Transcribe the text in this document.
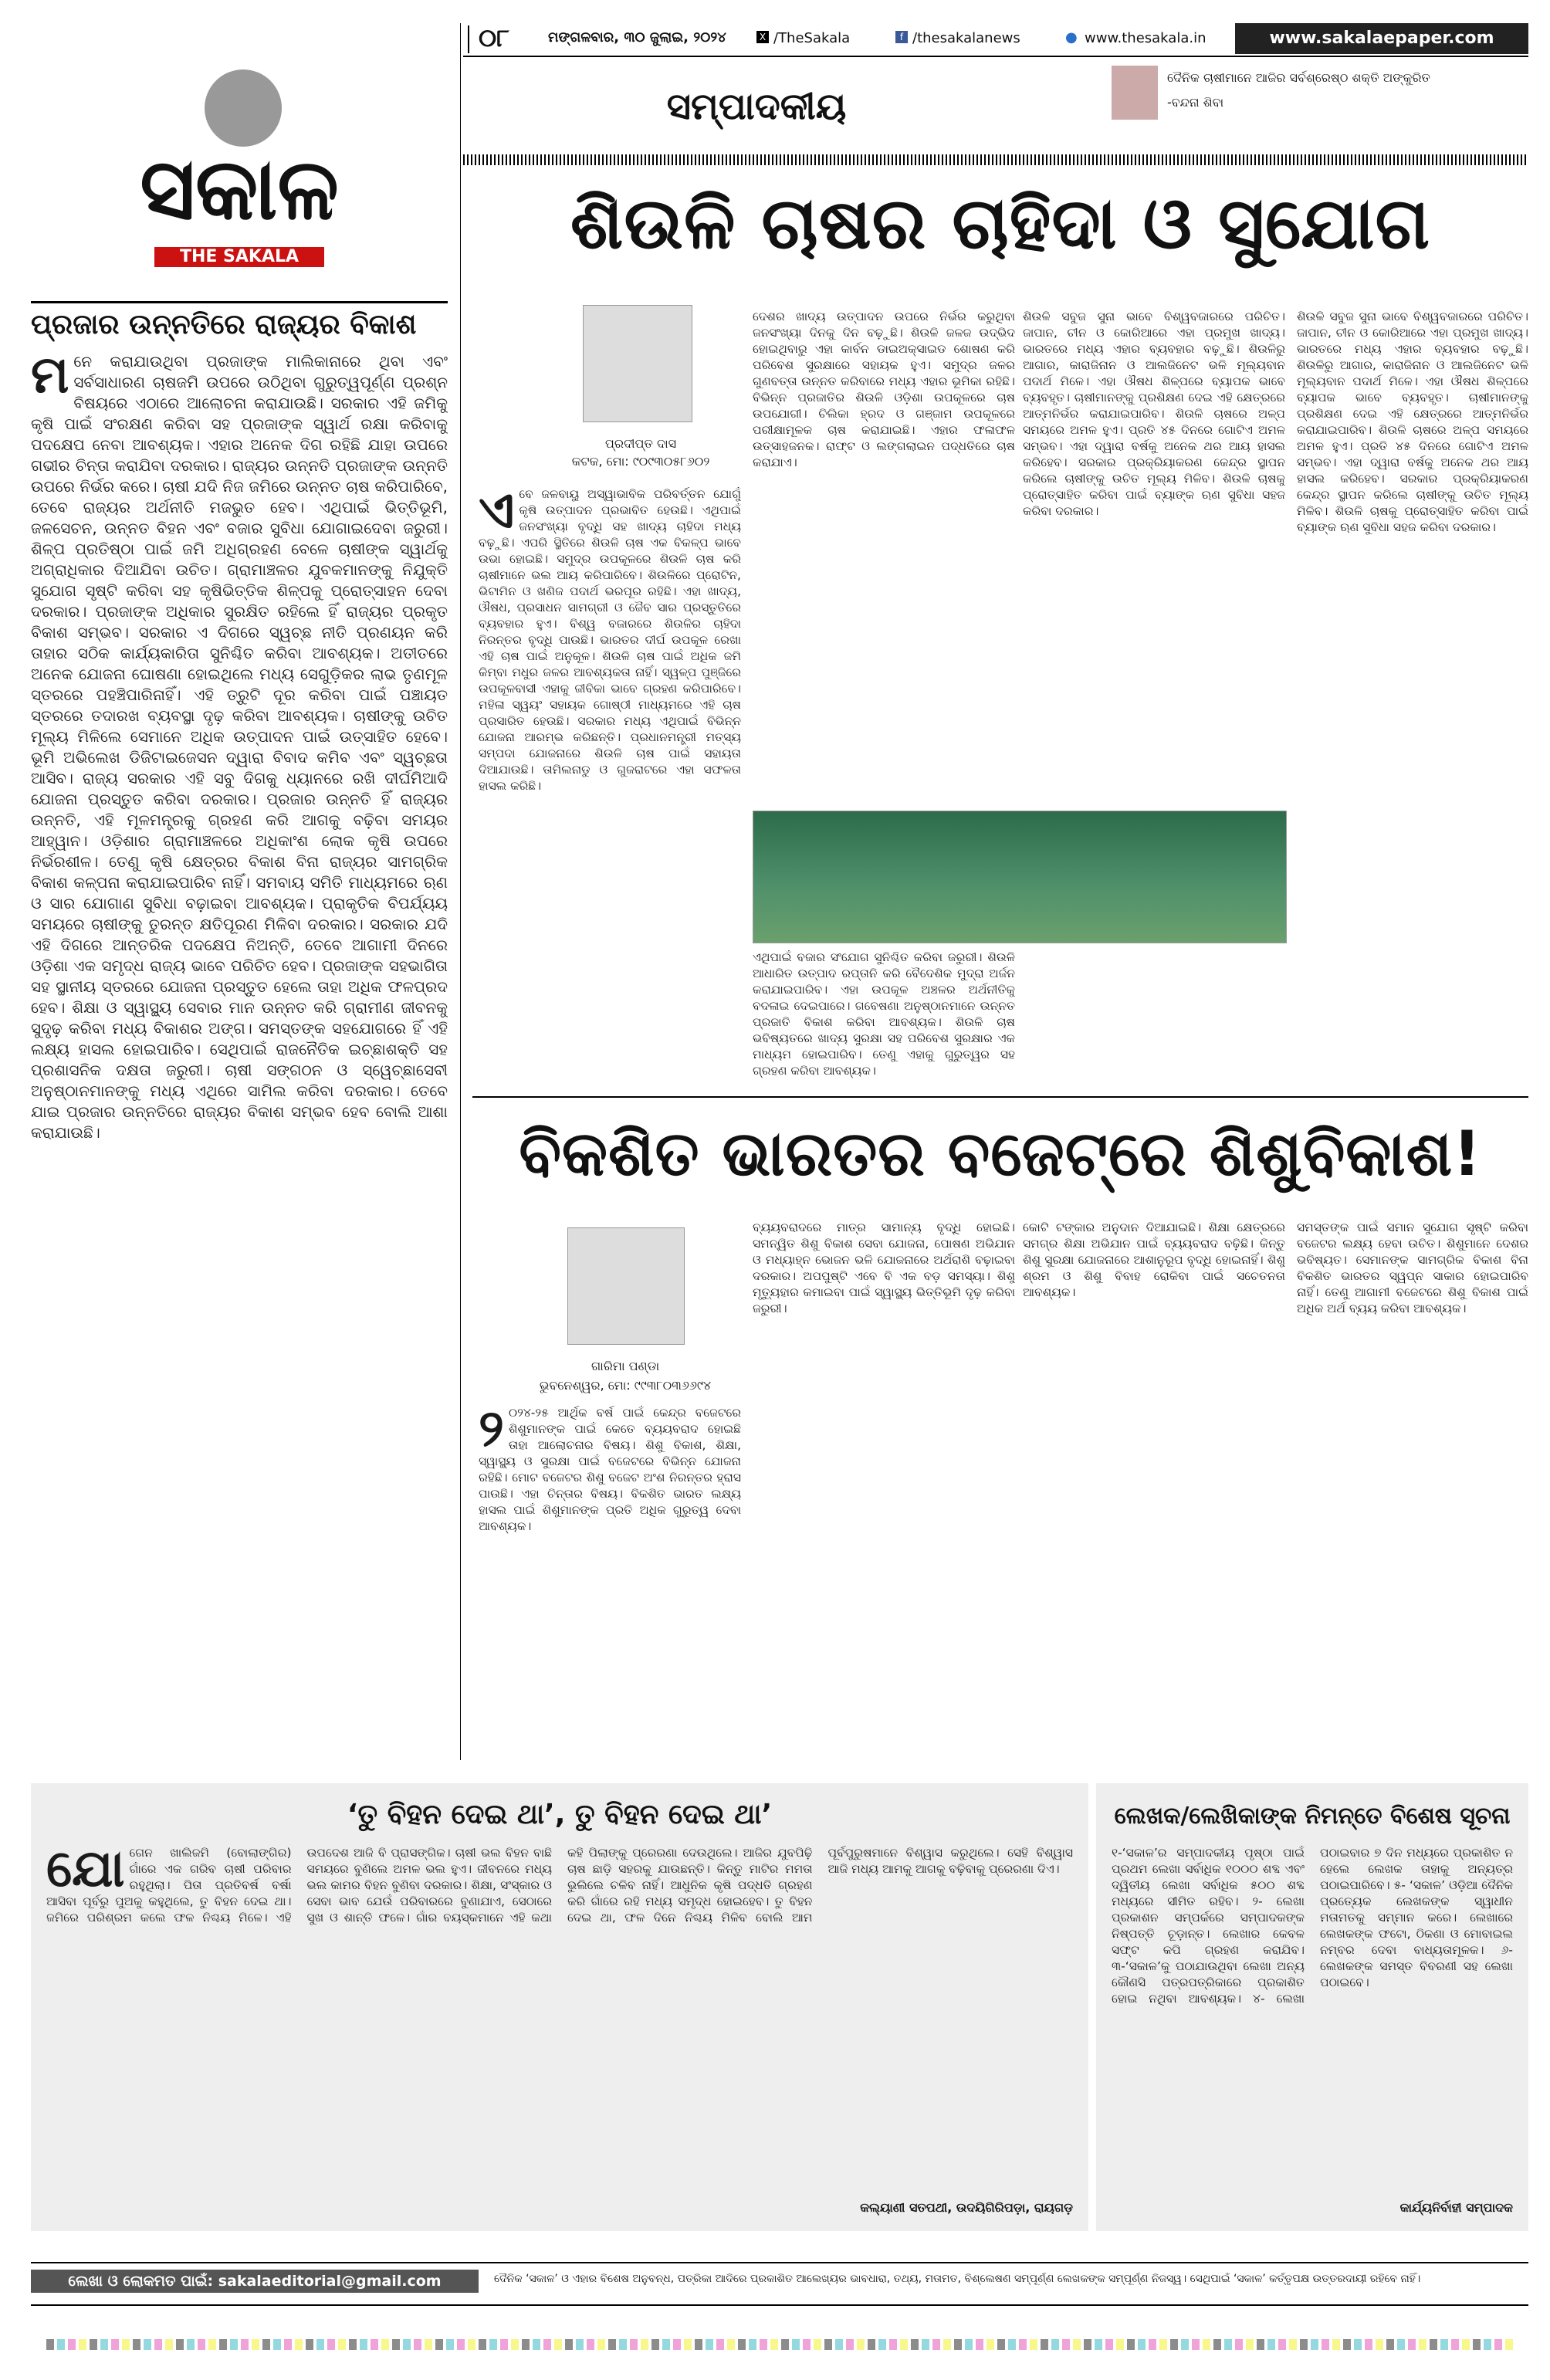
୦୮	ମଙ୍ଗଳବାର, ୩୦ ଜୁଲାଇ, ୨୦୨୪	X /TheSakala	f /thesakalanews	● www.thesakala.in	www.sakalaepaper.com
ସକାଳ
THE SAKALA
ସମ୍ପାଦକୀୟ
ଦୈନିକ ଚାଷୀମାନେ ଆଜିର ସର୍ବଶ୍ରେଷ୍ଠ ଶକ୍ତି ଅଙ୍କୁରିତ
-ବନ୍ଦନା ଶିବା
ପ୍ରଜାର ଉନ୍ନତିରେ ରାଜ୍ୟର ବିକାଶ
ମ ନେ କରାଯାଉଥିବା ପ୍ରଜାଙ୍କ ମାଲିକାନାରେ ଥିବା ଏବଂ ସର୍ବସାଧାରଣ ଚାଷଜମି ଉପରେ ଉଠିଥିବା ଗୁରୁତ୍ୱପୂର୍ଣ୍ଣ ପ୍ରଶ୍ନ ବିଷୟରେ ଏଠାରେ ଆଲୋଚନା କରାଯାଉଛି। ସରକାର ଏହି ଜମିକୁ କୃଷି ପାଇଁ ସଂରକ୍ଷଣ କରିବା ସହ ପ୍ରଜାଙ୍କ ସ୍ୱାର୍ଥ ରକ୍ଷା କରିବାକୁ ପଦକ୍ଷେପ ନେବା ଆବଶ୍ୟକ। ଏହାର ଅନେକ ଦିଗ ରହିଛି ଯାହା ଉପରେ ଗଭୀର ଚିନ୍ତା କରାଯିବା ଦରକାର। ରାଜ୍ୟର ଉନ୍ନତି ପ୍ରଜାଙ୍କ ଉନ୍ନତି ଉପରେ ନିର୍ଭର କରେ। ଚାଷୀ ଯଦି ନିଜ ଜମିରେ ଉନ୍ନତ ଚାଷ କରିପାରିବେ, ତେବେ ରାଜ୍ୟର ଅର୍ଥନୀତି ମଜଭୁତ ହେବ। ଏଥିପାଇଁ ଭିତ୍ତିଭୂମି, ଜଳସେଚନ, ଉନ୍ନତ ବିହନ ଏବଂ ବଜାର ସୁବିଧା ଯୋଗାଇଦେବା ଜରୁରୀ। ଶିଳ୍ପ ପ୍ରତିଷ୍ଠା ପାଇଁ ଜମି ଅଧିଗ୍ରହଣ ବେଳେ ଚାଷୀଙ୍କ ସ୍ୱାର୍ଥକୁ ଅଗ୍ରାଧିକାର ଦିଆଯିବା ଉଚିତ। ଗ୍ରାମାଞ୍ଚଳର ଯୁବକମାନଙ୍କୁ ନିଯୁକ୍ତି ସୁଯୋଗ ସୃଷ୍ଟି କରିବା ସହ କୃଷିଭିତ୍ତିକ ଶିଳ୍ପକୁ ପ୍ରୋତ୍ସାହନ ଦେବା ଦରକାର। ପ୍ରଜାଙ୍କ ଅଧିକାର ସୁରକ୍ଷିତ ରହିଲେ ହିଁ ରାଜ୍ୟର ପ୍ରକୃତ ବିକାଶ ସମ୍ଭବ। ସରକାର ଏ ଦିଗରେ ସ୍ୱଚ୍ଛ ନୀତି ପ୍ରଣୟନ କରି ତାହାର ସଠିକ କାର୍ଯ୍ୟକାରିତା ସୁନିଶ୍ଚିତ କରିବା ଆବଶ୍ୟକ। ଅତୀତରେ ଅନେକ ଯୋଜନା ଘୋଷଣା ହୋଇଥିଲେ ମଧ୍ୟ ସେଗୁଡ଼ିକର ଲାଭ ତୃଣମୂଳ ସ୍ତରରେ ପହଞ୍ଚିପାରିନାହିଁ। ଏହି ତ୍ରୁଟି ଦୂର କରିବା ପାଇଁ ପଞ୍ଚାୟତ ସ୍ତରରେ ତଦାରଖ ବ୍ୟବସ୍ଥା ଦୃଢ଼ କରିବା ଆବଶ୍ୟକ। ଚାଷୀଙ୍କୁ ଉଚିତ ମୂଲ୍ୟ ମିଳିଲେ ସେମାନେ ଅଧିକ ଉତ୍ପାଦନ ପାଇଁ ଉତ୍ସାହିତ ହେବେ। ଭୂମି ଅଭିଲେଖ ଡିଜିଟାଇଜେସନ ଦ୍ୱାରା ବିବାଦ କମିବ ଏବଂ ସ୍ୱଚ୍ଛତା ଆସିବ। ରାଜ୍ୟ ସରକାର ଏହି ସବୁ ଦିଗକୁ ଧ୍ୟାନରେ ରଖି ଦୀର୍ଘମିଆଦି ଯୋଜନା ପ୍ରସ୍ତୁତ କରିବା ଦରକାର। ପ୍ରଜାର ଉନ୍ନତି ହିଁ ରାଜ୍ୟର ଉନ୍ନତି, ଏହି ମୂଳମନ୍ତ୍ରକୁ ଗ୍ରହଣ କରି ଆଗକୁ ବଢ଼ିବା ସମୟର ଆହ୍ୱାନ। ଓଡ଼ିଶାର ଗ୍ରାମାଞ୍ଚଳରେ ଅଧିକାଂଶ ଲୋକ କୃଷି ଉପରେ ନିର୍ଭରଶୀଳ। ତେଣୁ କୃଷି କ୍ଷେତ୍ରର ବିକାଶ ବିନା ରାଜ୍ୟର ସାମଗ୍ରିକ ବିକାଶ କଳ୍ପନା କରାଯାଇପାରିବ ନାହିଁ। ସମବାୟ ସମିତି ମାଧ୍ୟମରେ ଋଣ ଓ ସାର ଯୋଗାଣ ସୁବିଧା ବଢ଼ାଇବା ଆବଶ୍ୟକ। ପ୍ରାକୃତିକ ବିପର୍ଯ୍ୟୟ ସମୟରେ ଚାଷୀଙ୍କୁ ତୁରନ୍ତ କ୍ଷତିପୂରଣ ମିଳିବା ଦରକାର। ସରକାର ଯଦି ଏହି ଦିଗରେ ଆନ୍ତରିକ ପଦକ୍ଷେପ ନିଅନ୍ତି, ତେବେ ଆଗାମୀ ଦିନରେ ଓଡ଼ିଶା ଏକ ସମୃଦ୍ଧ ରାଜ୍ୟ ଭାବେ ପରିଚିତ ହେବ। ପ୍ରଜାଙ୍କ ସହଭାଗିତା ସହ ସ୍ଥାନୀୟ ସ୍ତରରେ ଯୋଜନା ପ୍ରସ୍ତୁତ ହେଲେ ତାହା ଅଧିକ ଫଳପ୍ରଦ ହେବ। ଶିକ୍ଷା ଓ ସ୍ୱାସ୍ଥ୍ୟ ସେବାର ମାନ ଉନ୍ନତ କରି ଗ୍ରାମୀଣ ଜୀବନକୁ ସୁଦୃଢ଼ କରିବା ମଧ୍ୟ ବିକାଶର ଅଙ୍ଗ। ସମସ୍ତଙ୍କ ସହଯୋଗରେ ହିଁ ଏହି ଲକ୍ଷ୍ୟ ହାସଲ ହୋଇପାରିବ। ସେଥିପାଇଁ ରାଜନୈତିକ ଇଚ୍ଛାଶକ୍ତି ସହ ପ୍ରଶାସନିକ ଦକ୍ଷତା ଜରୁରୀ। ଚାଷୀ ସଙ୍ଗଠନ ଓ ସ୍ୱେଚ୍ଛାସେବୀ ଅନୁଷ୍ଠାନମାନଙ୍କୁ ମଧ୍ୟ ଏଥିରେ ସାମିଲ କରିବା ଦରକାର। ତେବେ ଯାଇ ପ୍ରଜାର ଉନ୍ନତିରେ ରାଜ୍ୟର ବିକାଶ ସମ୍ଭବ ହେବ ବୋଲି ଆଶା କରାଯାଉଛି।
ଶିଉଳି ଚାଷର ଚାହିଦା ଓ ସୁଯୋଗ
ପ୍ରଦୀପ୍ତ ଦାସ
କଟକ, ମୋ: ୯୦୯୩୦୫୮୬୦୨
ଏ ବେ ଜଳବାୟୁ ଅସ୍ୱାଭାବିକ ପରିବର୍ତ୍ତନ ଯୋଗୁଁ କୃଷି ଉତ୍ପାଦନ ପ୍ରଭାବିତ ହେଉଛି। ଏଥିପାଇଁ ଜନସଂଖ୍ୟା ବୃଦ୍ଧି ସହ ଖାଦ୍ୟ ଚାହିଦା ମଧ୍ୟ ବଢ଼ୁଛି। ଏପରି ସ୍ଥିତିରେ ଶିଉଳି ଚାଷ ଏକ ବିକଳ୍ପ ଭାବେ ଉଭା ହୋଇଛି। ସମୁଦ୍ର ଉପକୂଳରେ ଶିଉଳି ଚାଷ କରି ଚାଷୀମାନେ ଭଲ ଆୟ କରିପାରିବେ। ଶିଉଳିରେ ପ୍ରୋଟିନ, ଭିଟାମିନ ଓ ଖଣିଜ ପଦାର୍ଥ ଭରପୂର ରହିଛି। ଏହା ଖାଦ୍ୟ, ଔଷଧ, ପ୍ରସାଧନ ସାମଗ୍ରୀ ଓ ଜୈବ ସାର ପ୍ରସ୍ତୁତିରେ ବ୍ୟବହାର ହୁଏ। ବିଶ୍ୱ ବଜାରରେ ଶିଉଳିର ଚାହିଦା ନିରନ୍ତର ବୃଦ୍ଧି ପାଉଛି। ଭାରତର ଦୀର୍ଘ ଉପକୂଳ ରେଖା ଏହି ଚାଷ ପାଇଁ ଅନୁକୂଳ। ଶିଉଳି ଚାଷ ପାଇଁ ଅଧିକ ଜମି କିମ୍ବା ମଧୁର ଜଳର ଆବଶ୍ୟକତା ନାହିଁ। ସ୍ୱଳ୍ପ ପୁଞ୍ଜିରେ ଉପକୂଳବାସୀ ଏହାକୁ ଜୀବିକା ଭାବେ ଗ୍ରହଣ କରିପାରିବେ। ମହିଳା ସ୍ୱୟଂ ସହାୟକ ଗୋଷ୍ଠୀ ମାଧ୍ୟମରେ ଏହି ଚାଷ ପ୍ରସାରିତ ହେଉଛି। ସରକାର ମଧ୍ୟ ଏଥିପାଇଁ ବିଭିନ୍ନ ଯୋଜନା ଆରମ୍ଭ କରିଛନ୍ତି। ପ୍ରଧାନମନ୍ତ୍ରୀ ମତ୍ସ୍ୟ ସମ୍ପଦା ଯୋଜନାରେ ଶିଉଳି ଚାଷ ପାଇଁ ସହାୟତା ଦିଆଯାଉଛି। ତାମିଲନାଡୁ ଓ ଗୁଜରାଟରେ ଏହା ସଫଳତା ହାସଲ କରିଛି।
ଦେଶର ଖାଦ୍ୟ ଉତ୍ପାଦନ ଉପରେ ନିର୍ଭର କରୁଥିବା ଜନସଂଖ୍ୟା ଦିନକୁ ଦିନ ବଢ଼ୁଛି। ଶିଉଳି ଜଳଜ ଉଦ୍ଭିଦ ହୋଇଥିବାରୁ ଏହା କାର୍ବନ ଡାଇଅକ୍ସାଇଡ ଶୋଷଣ କରି ପରିବେଶ ସୁରକ୍ଷାରେ ସହାୟକ ହୁଏ। ସମୁଦ୍ର ଜଳର ଗୁଣବତ୍ତା ଉନ୍ନତ କରିବାରେ ମଧ୍ୟ ଏହାର ଭୂମିକା ରହିଛି। ବିଭିନ୍ନ ପ୍ରଜାତିର ଶିଉଳି ଓଡ଼ିଶା ଉପକୂଳରେ ଚାଷ ଉପଯୋଗୀ। ଚିଲିକା ହ୍ରଦ ଓ ଗଞ୍ଜାମ ଉପକୂଳରେ ପରୀକ୍ଷାମୂଳକ ଚାଷ କରାଯାଇଛି। ଏହାର ଫଳାଫଳ ଉତ୍ସାହଜନକ। ରାଫ୍ଟ ଓ ଲଙ୍ଗଲାଇନ ପଦ୍ଧତିରେ ଚାଷ କରାଯାଏ।
ଏଥିପାଇଁ ବଜାର ସଂଯୋଗ ସୁନିଶ୍ଚିତ କରିବା ଜରୁରୀ। ଶିଉଳି ଆଧାରିତ ଉତ୍ପାଦ ରପ୍ତାନି କରି ବୈଦେଶିକ ମୁଦ୍ରା ଅର୍ଜନ କରାଯାଇପାରିବ। ଏହା ଉପକୂଳ ଅଞ୍ଚଳର ଅର୍ଥନୀତିକୁ ବଦଳାଇ ଦେଇପାରେ। ଗବେଷଣା ଅନୁଷ୍ଠାନମାନେ ଉନ୍ନତ ପ୍ରଜାତି ବିକାଶ କରିବା ଆବଶ୍ୟକ। ଶିଉଳି ଚାଷ ଭବିଷ୍ୟତରେ ଖାଦ୍ୟ ସୁରକ୍ଷା ସହ ପରିବେଶ ସୁରକ୍ଷାର ଏକ ମାଧ୍ୟମ ହୋଇପାରିବ। ତେଣୁ ଏହାକୁ ଗୁରୁତ୍ୱର ସହ ଗ୍ରହଣ କରିବା ଆବଶ୍ୟକ।
ଶିଉଳି ସବୁଜ ସୁନା ଭାବେ ବିଶ୍ୱବଜାରରେ ପରିଚିତ। ଜାପାନ, ଚୀନ ଓ କୋରିଆରେ ଏହା ପ୍ରମୁଖ ଖାଦ୍ୟ। ଭାରତରେ ମଧ୍ୟ ଏହାର ବ୍ୟବହାର ବଢ଼ୁଛି। ଶିଉଳିରୁ ଆଗାର, କାରାଜିନାନ ଓ ଆଲଜିନେଟ ଭଳି ମୂଲ୍ୟବାନ ପଦାର୍ଥ ମିଳେ। ଏହା ଔଷଧ ଶିଳ୍ପରେ ବ୍ୟାପକ ଭାବେ ବ୍ୟବହୃତ। ଚାଷୀମାନଙ୍କୁ ପ୍ରଶିକ୍ଷଣ ଦେଇ ଏହି କ୍ଷେତ୍ରରେ ଆତ୍ମନିର୍ଭର କରାଯାଇପାରିବ। ଶିଉଳି ଚାଷରେ ଅଳ୍ପ ସମୟରେ ଅମଳ ହୁଏ। ପ୍ରତି ୪୫ ଦିନରେ ଗୋଟିଏ ଅମଳ ସମ୍ଭବ। ଏହା ଦ୍ୱାରା ବର୍ଷକୁ ଅନେକ ଥର ଆୟ ହାସଲ କରିହେବ। ସରକାର ପ୍ରକ୍ରିୟାକରଣ କେନ୍ଦ୍ର ସ୍ଥାପନ କରିଲେ ଚାଷୀଙ୍କୁ ଉଚିତ ମୂଲ୍ୟ ମିଳିବ। ଶିଉଳି ଚାଷକୁ ପ୍ରୋତ୍ସାହିତ କରିବା ପାଇଁ ବ୍ୟାଙ୍କ ଋଣ ସୁବିଧା ସହଜ କରିବା ଦରକାର।
ଶିଉଳି ସବୁଜ ସୁନା ଭାବେ ବିଶ୍ୱବଜାରରେ ପରିଚିତ। ଜାପାନ, ଚୀନ ଓ କୋରିଆରେ ଏହା ପ୍ରମୁଖ ଖାଦ୍ୟ। ଭାରତରେ ମଧ୍ୟ ଏହାର ବ୍ୟବହାର ବଢ଼ୁଛି। ଶିଉଳିରୁ ଆଗାର, କାରାଜିନାନ ଓ ଆଲଜିନେଟ ଭଳି ମୂଲ୍ୟବାନ ପଦାର୍ଥ ମିଳେ। ଏହା ଔଷଧ ଶିଳ୍ପରେ ବ୍ୟାପକ ଭାବେ ବ୍ୟବହୃତ। ଚାଷୀମାନଙ୍କୁ ପ୍ରଶିକ୍ଷଣ ଦେଇ ଏହି କ୍ଷେତ୍ରରେ ଆତ୍ମନିର୍ଭର କରାଯାଇପାରିବ। ଶିଉଳି ଚାଷରେ ଅଳ୍ପ ସମୟରେ ଅମଳ ହୁଏ। ପ୍ରତି ୪୫ ଦିନରେ ଗୋଟିଏ ଅମଳ ସମ୍ଭବ। ଏହା ଦ୍ୱାରା ବର୍ଷକୁ ଅନେକ ଥର ଆୟ ହାସଲ କରିହେବ। ସରକାର ପ୍ରକ୍ରିୟାକରଣ କେନ୍ଦ୍ର ସ୍ଥାପନ କରିଲେ ଚାଷୀଙ୍କୁ ଉଚିତ ମୂଲ୍ୟ ମିଳିବ। ଶିଉଳି ଚାଷକୁ ପ୍ରୋତ୍ସାହିତ କରିବା ପାଇଁ ବ୍ୟାଙ୍କ ଋଣ ସୁବିଧା ସହଜ କରିବା ଦରକାର।
ବିକଶିତ ଭାରତର ବଜେଟ୍‌ରେ ଶିଶୁବିକାଶ!
ଗାରିମା ପଣ୍ଡା
ଭୁବନେଶ୍ୱର, ମୋ: ୯୯୩୮୦୩୬୬୯୪
୨ ୦୨୪-୨୫ ଆର୍ଥିକ ବର୍ଷ ପାଇଁ କେନ୍ଦ୍ର ବଜେଟରେ ଶିଶୁମାନଙ୍କ ପାଇଁ କେତେ ବ୍ୟୟବରାଦ ହୋଇଛି ତାହା ଆଲୋଚନାର ବିଷୟ। ଶିଶୁ ବିକାଶ, ଶିକ୍ଷା, ସ୍ୱାସ୍ଥ୍ୟ ଓ ସୁରକ୍ଷା ପାଇଁ ବଜେଟରେ ବିଭିନ୍ନ ଯୋଜନା ରହିଛି। ମୋଟ ବଜେଟର ଶିଶୁ ବଜେଟ ଅଂଶ ନିରନ୍ତର ହ୍ରାସ ପାଉଛି। ଏହା ଚିନ୍ତାର ବିଷୟ। ବିକଶିତ ଭାରତ ଲକ୍ଷ୍ୟ ହାସଲ ପାଇଁ ଶିଶୁମାନଙ୍କ ପ୍ରତି ଅଧିକ ଗୁରୁତ୍ୱ ଦେବା ଆବଶ୍ୟକ।
ବ୍ୟୟବରାଦରେ ମାତ୍ର ସାମାନ୍ୟ ବୃଦ୍ଧି ହୋଇଛି। ସମନ୍ୱିତ ଶିଶୁ ବିକାଶ ସେବା ଯୋଜନା, ପୋଷଣ ଅଭିଯାନ ଓ ମଧ୍ୟାହ୍ନ ଭୋଜନ ଭଳି ଯୋଜନାରେ ଅର୍ଥରାଶି ବଢ଼ାଇବା ଦରକାର। ଅପପୁଷ୍ଟି ଏବେ ବି ଏକ ବଡ଼ ସମସ୍ୟା। ଶିଶୁ ମୃତ୍ୟୁହାର କମାଇବା ପାଇଁ ସ୍ୱାସ୍ଥ୍ୟ ଭିତ୍ତିଭୂମି ଦୃଢ଼ କରିବା ଜରୁରୀ।
କୋଟି ଟଙ୍କାର ଅନୁଦାନ ଦିଆଯାଇଛି। ଶିକ୍ଷା କ୍ଷେତ୍ରରେ ସମଗ୍ର ଶିକ୍ଷା ଅଭିଯାନ ପାଇଁ ବ୍ୟୟବରାଦ ବଢ଼ିଛି। କିନ୍ତୁ ଶିଶୁ ସୁରକ୍ଷା ଯୋଜନାରେ ଆଶାନୁରୂପ ବୃଦ୍ଧି ହୋଇନାହିଁ। ଶିଶୁ ଶ୍ରମ ଓ ଶିଶୁ ବିବାହ ରୋକିବା ପାଇଁ ସଚେତନତା ଆବଶ୍ୟକ।
ସମସ୍ତଙ୍କ ପାଇଁ ସମାନ ସୁଯୋଗ ସୃଷ୍ଟି କରିବା ବଜେଟର ଲକ୍ଷ୍ୟ ହେବା ଉଚିତ। ଶିଶୁମାନେ ଦେଶର ଭବିଷ୍ୟତ। ସେମାନଙ୍କ ସାମଗ୍ରିକ ବିକାଶ ବିନା ବିକଶିତ ଭାରତର ସ୍ୱପ୍ନ ସାକାର ହୋଇପାରିବ ନାହିଁ। ତେଣୁ ଆଗାମୀ ବଜେଟରେ ଶିଶୁ ବିକାଶ ପାଇଁ ଅଧିକ ଅର୍ଥ ବ୍ୟୟ କରିବା ଆବଶ୍ୟକ।
‘ତୁ ବିହନ ଦେଇ ଥା’, ତୁ ବିହନ ଦେଇ ଥା’
ଯୋ ଗେନ ଖାଲିଜମି (ବୋଲାଙ୍ଗିର) ଗାଁରେ ଏକ ଗରିବ ଚାଷୀ ପରିବାର ରହୁଥିଲା। ପିତା ପ୍ରତିବର୍ଷ ବର୍ଷା ଆସିବା ପୂର୍ବରୁ ପୁଅକୁ କହୁଥିଲେ, ତୁ ବିହନ ଦେଇ ଥା। ଜମିରେ ପରିଶ୍ରମ କଲେ ଫଳ ନିଶ୍ଚୟ ମିଳେ। ଏହି ଉପଦେଶ ଆଜି ବି ପ୍ରାସଙ୍ଗିକ। ଚାଷୀ ଭଲ ବିହନ ବାଛି ସମୟରେ ବୁଣିଲେ ଅମଳ ଭଲ ହୁଏ। ଜୀବନରେ ମଧ୍ୟ ଭଲ କାମର ବିହନ ବୁଣିବା ଦରକାର। ଶିକ୍ଷା, ସଂସ୍କାର ଓ ସେବା ଭାବ ଯେଉଁ ପରିବାରରେ ବୁଣାଯାଏ, ସେଠାରେ ସୁଖ ଓ ଶାନ୍ତି ଫଳେ। ଗାଁର ବୟସ୍କମାନେ ଏହି କଥା କହି ପିଲାଙ୍କୁ ପ୍ରେରଣା ଦେଉଥିଲେ। ଆଜିର ଯୁବପିଢ଼ି ଚାଷ ଛାଡ଼ି ସହରକୁ ଯାଉଛନ୍ତି। କିନ୍ତୁ ମାଟିର ମମତା ଭୁଲିଲେ ଚଳିବ ନାହିଁ। ଆଧୁନିକ କୃଷି ପଦ୍ଧତି ଗ୍ରହଣ କରି ଗାଁରେ ରହି ମଧ୍ୟ ସମୃଦ୍ଧ ହୋଇହେବ। ତୁ ବିହନ ଦେଇ ଥା, ଫଳ ଦିନେ ନିଶ୍ଚୟ ମିଳିବ ବୋଲି ଆମ ପୂର୍ବପୁରୁଷମାନେ ବିଶ୍ୱାସ କରୁଥିଲେ। ସେହି ବିଶ୍ୱାସ ଆଜି ମଧ୍ୟ ଆମକୁ ଆଗକୁ ବଢ଼ିବାକୁ ପ୍ରେରଣା ଦିଏ।
କଲ୍ୟାଣୀ ସତପଥୀ, ଉଦୟିଗିରିପଡ଼ା, ରାୟଗଡ଼
ଲେଖକ/ଲେଖିକାଙ୍କ ନିମନ୍ତେ ବିଶେଷ ସୂଚନା
୧-‘ସକାଳ’ର ସମ୍ପାଦକୀୟ ପୃଷ୍ଠା ପାଇଁ ପ୍ରଥମ ଲେଖା ସର୍ବାଧିକ ୧୦୦୦ ଶବ୍ଦ ଏବଂ ଦ୍ୱିତୀୟ ଲେଖା ସର୍ବାଧିକ ୫୦୦ ଶବ୍ଦ ମଧ୍ୟରେ ସୀମିତ ରହିବ। ୨- ଲେଖା ପ୍ରକାଶନ ସମ୍ପର୍କରେ ସମ୍ପାଦକଙ୍କ ନିଷ୍ପତ୍ତି ଚୂଡ଼ାନ୍ତ। ଲେଖାର କେବଳ ସଫ୍ଟ କପି ଗ୍ରହଣ କରାଯିବ। ୩-‘ସକାଳ’କୁ ପଠାଯାଉଥିବା ଲେଖା ଅନ୍ୟ କୌଣସି ପତ୍ରପତ୍ରିକାରେ ପ୍ରକାଶିତ ହୋଇ ନଥିବା ଆବଶ୍ୟକ। ୪- ଲେଖା ପଠାଇବାର ୭ ଦିନ ମଧ୍ୟରେ ପ୍ରକାଶିତ ନ ହେଲେ ଲେଖକ ତାହାକୁ ଅନ୍ୟତ୍ର ପଠାଇପାରିବେ। ୫- ‘ସକାଳ’ ଓଡ଼ିଆ ଦୈନିକ ପ୍ରତ୍ୟେକ ଲେଖକଙ୍କ ସ୍ୱାଧୀନ ମତାମତକୁ ସମ୍ମାନ କରେ। ଲେଖାରେ ଲେଖକଙ୍କ ଫଟୋ, ଠିକଣା ଓ ମୋବାଇଲ ନମ୍ବର ଦେବା ବାଧ୍ୟତାମୂଳକ। ୬- ଲେଖକଙ୍କ ସମସ୍ତ ବିବରଣୀ ସହ ଲେଖା ପଠାଇବେ।
କାର୍ଯ୍ୟନିର୍ବାହୀ ସମ୍ପାଦକ
ଲେଖା ଓ ଲୋକମତ ପାଇଁ: sakalaeditorial@gmail.com	ଦୈନିକ ‘ସକାଳ’ ଓ ଏହାର ବିଶେଷ ଅନୁବନ୍ଧ, ପତ୍ରିକା ଆଦିରେ ପ୍ରକାଶିତ ଆଲେଖ୍ୟର ଭାବଧାରା, ତଥ୍ୟ, ମତାମତ, ବିଶ୍ଲେଷଣ ସମ୍ପୂର୍ଣ୍ଣ ଲେଖକଙ୍କ ସମ୍ପୂର୍ଣ୍ଣ ନିଜସ୍ୱ। ସେଥିପାଇଁ ‘ସକାଳ’ କର୍ତ୍ତୃପକ୍ଷ ଉତ୍ତରଦାୟୀ ରହିବେ ନାହିଁ।
